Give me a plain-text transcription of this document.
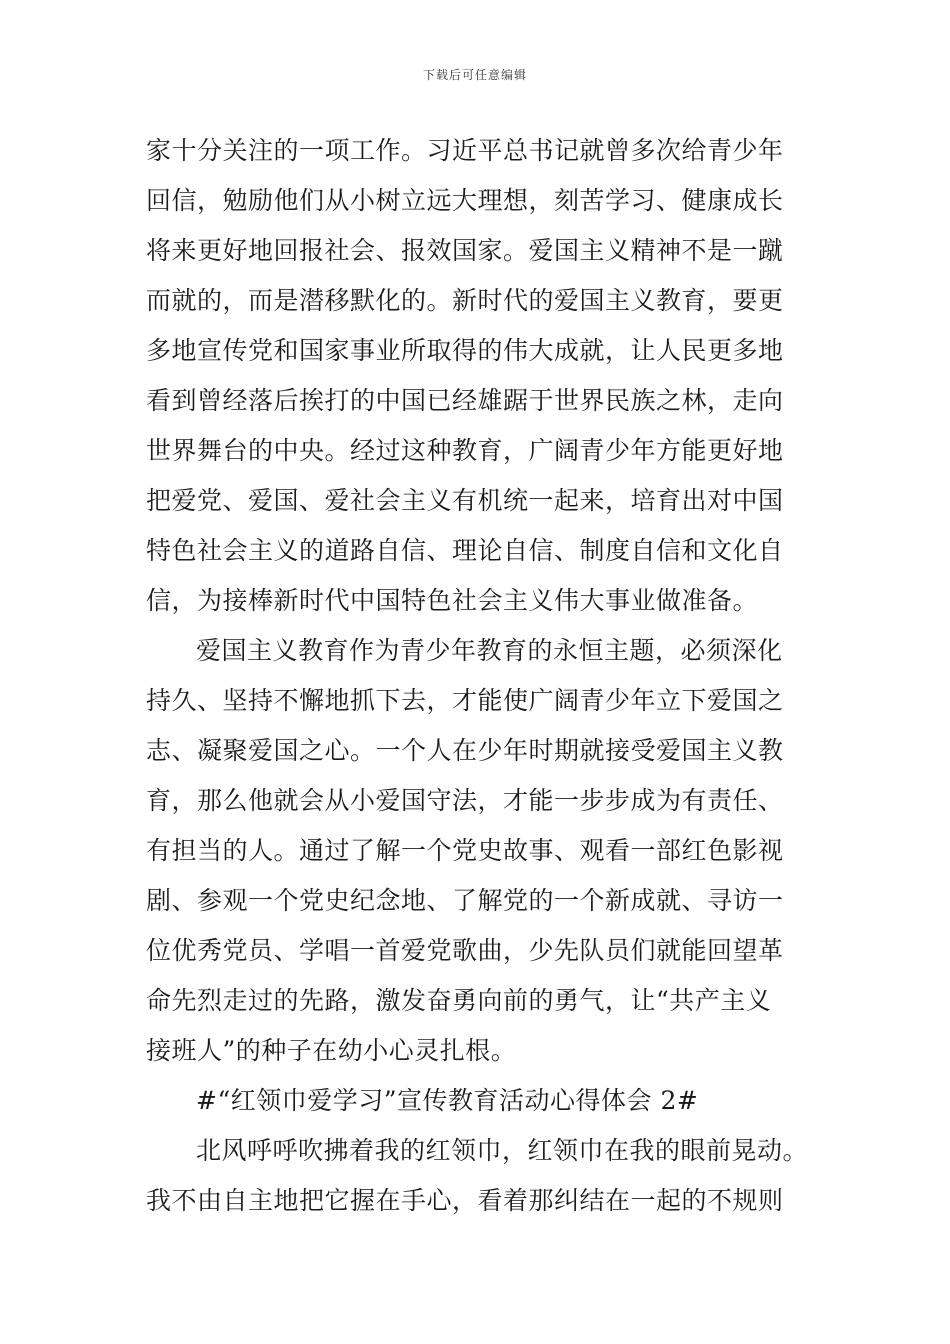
下载后可任意编辑
家十分关注的一项工作。习近平总书记就曾多次给青少年
回信，勉励他们从小树立远大理想，刻苦学习、健康成长
将来更好地回报社会、报效国家。爱国主义精神不是一蹴
而就的，而是潜移默化的。新时代的爱国主义教育，要更
多地宣传党和国家事业所取得的伟大成就，让人民更多地
看到曾经落后挨打的中国已经雄踞于世界民族之林，走向
世界舞台的中央。经过这种教育，广阔青少年方能更好地
把爱党、爱国、爱社会主义有机统一起来，培育出对中国
特色社会主义的道路自信、理论自信、制度自信和文化自
信，为接棒新时代中国特色社会主义伟大事业做准备。
爱国主义教育作为青少年教育的永恒主题，必须深化
持久、坚持不懈地抓下去，才能使广阔青少年立下爱国之
志、凝聚爱国之心。一个人在少年时期就接受爱国主义教
育，那么他就会从小爱国守法，才能一步步成为有责任、
有担当的人。通过了解一个党史故事、观看一部红色影视
剧、参观一个党史纪念地、了解党的一个新成就、寻访一
位优秀党员、学唱一首爱党歌曲，少先队员们就能回望革
命先烈走过的先路，激发奋勇向前的勇气，让“共产主义
接班人”的种子在幼小心灵扎根。
#“红领巾爱学习”宣传教育活动心得体会 2#
北风呼呼吹拂着我的红领巾，红领巾在我的眼前晃动。
我不由自主地把它握在手心，看着那纠结在一起的不规则
